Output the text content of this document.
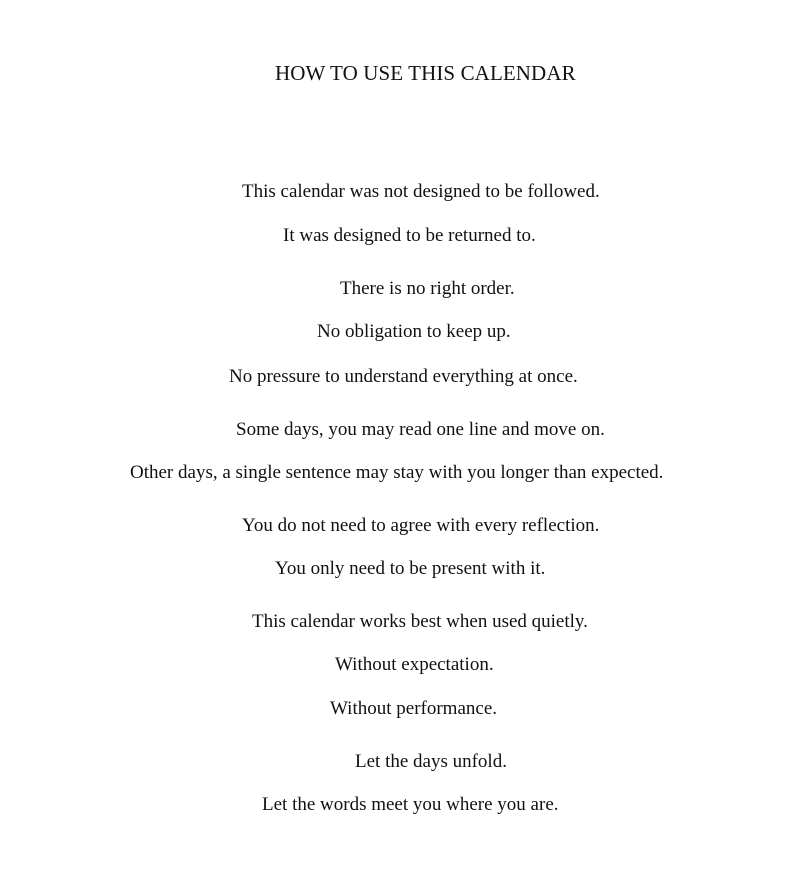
HOW TO USE THIS CALENDAR

This calendar was not designed to be followed.

It was designed to be returned to.

There is no right order.

No obligation to keep up.

No pressure to understand everything at once.

Some days, you may read one line and move on.

Other days, a single sentence may stay with you longer than expected.

You do not need to agree with every reflection.

You only need to be present with it.

This calendar works best when used quietly.

Without expectation.

Without performance.

Let the days unfold.

Let the words meet you where you are.
